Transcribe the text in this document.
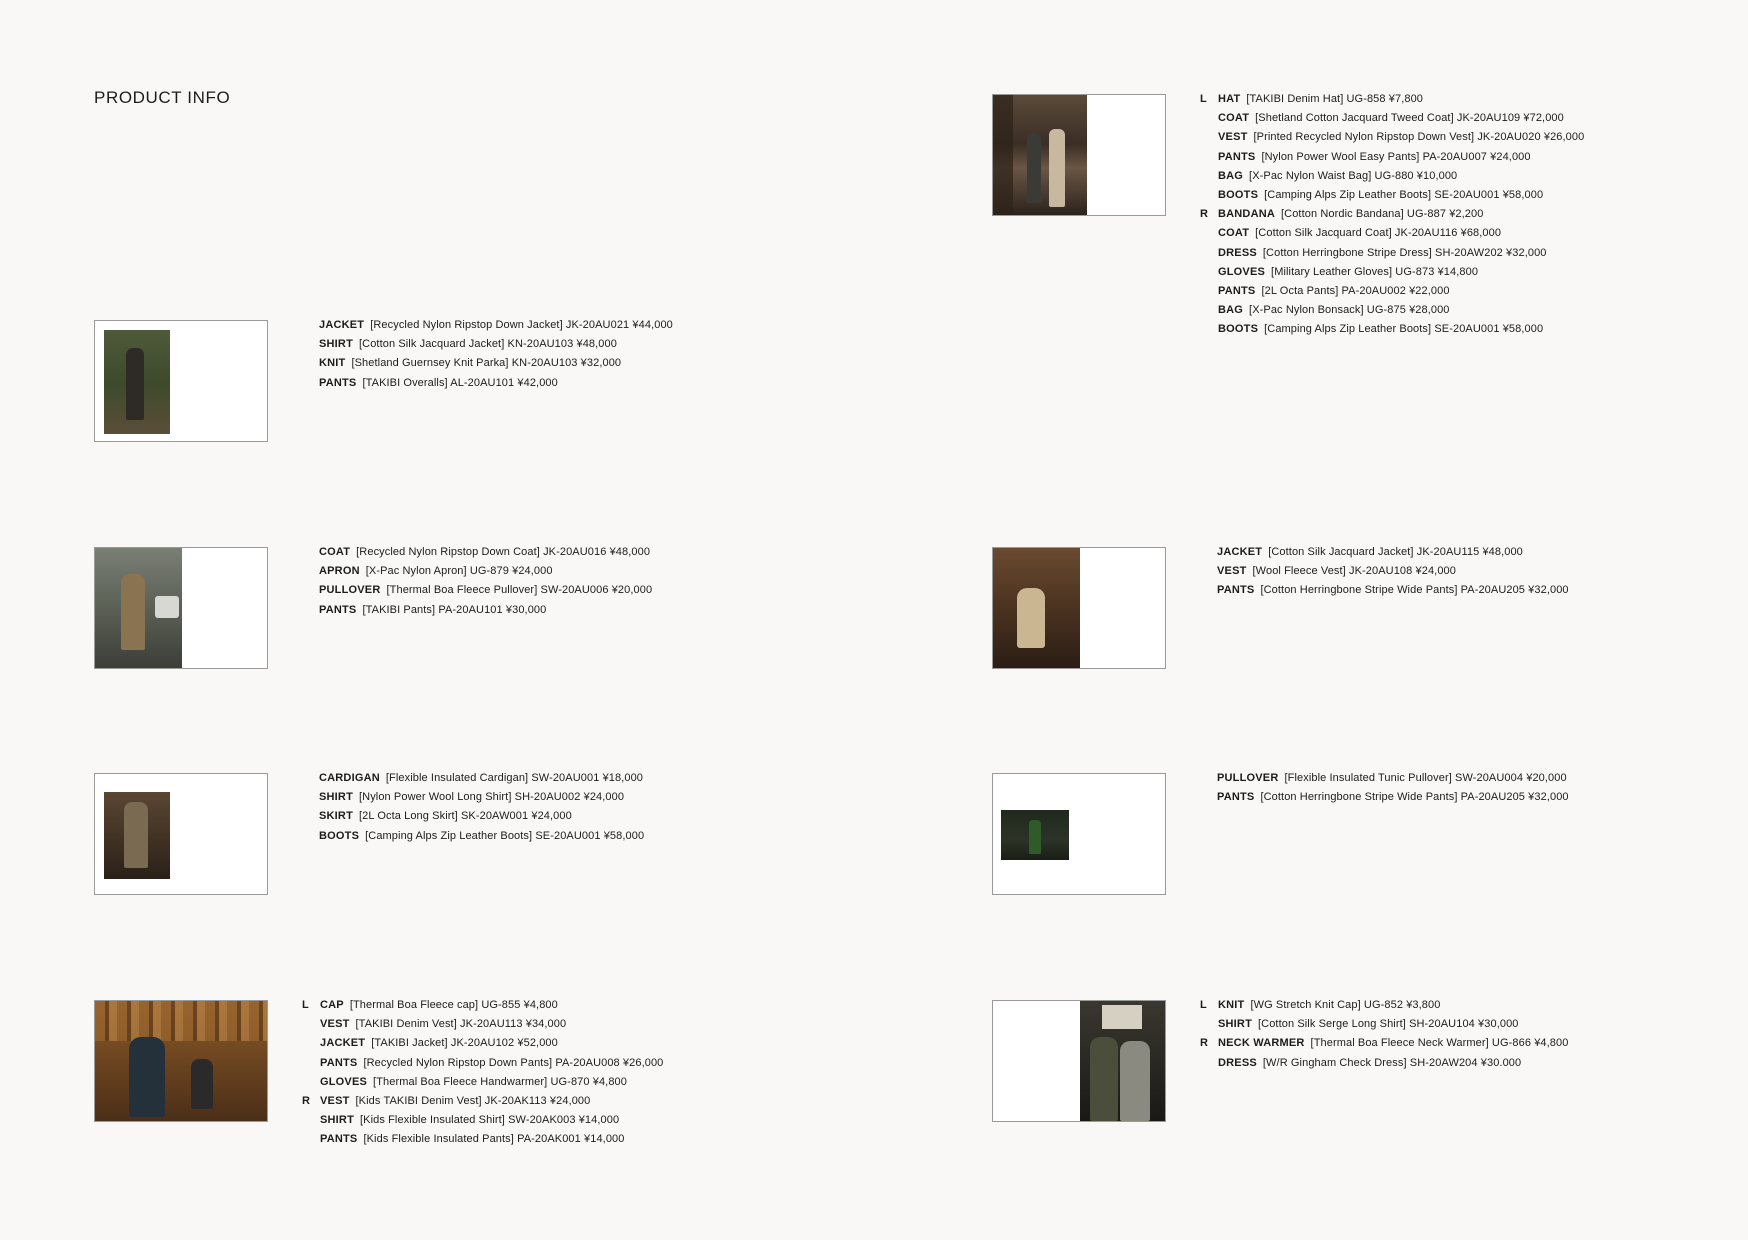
PRODUCT INFO	L	HAT [TAKIBI Denim Hat] UG-858 ¥7,800
COAT [Shetland Cotton Jacquard Tweed Coat] JK-20AU109 ¥72,000
VEST [Printed Recycled Nylon Ripstop Down Vest] JK-20AU020 ¥26,000
PANTS [Nylon Power Wool Easy Pants] PA-20AU007 ¥24,000
BAG [X-Pac Nylon Waist Bag] UG-880 ¥10,000
BOOTS [Camping Alps Zip Leather Boots] SE-20AU001 ¥58,000
R BANDANA [Cotton Nordic Bandana] UG-887 ¥2,200
COAT [Cotton Silk Jacquard Coat] JK-20AU116 ¥68,000
DRESS [Cotton Herringbone Stripe Dress] SH-20AW202 ¥32,000
GLOVES [Military Leather Gloves] UG-873 ¥14,800
PANTS [2L Octa Pants] PA-20AU002 ¥22,000
BAG [X-Pac Nylon Bonsack] UG-875 ¥28,000
BOOTS [Camping Alps Zip Leather Boots] SE-20AU001 ¥58,000
JACKET [Recycled Nylon Ripstop Down Jacket] JK-20AU021 ¥44,000
SHIRT [Cotton Silk Jacquard Jacket] KN-20AU103 ¥48,000
KNIT [Shetland Guernsey Knit Parka] KN-20AU103 ¥32,000
PANTS [TAKIBI Overalls] AL-20AU101 ¥42,000
COAT [Recycled Nylon Ripstop Down Coat] JK-20AU016 ¥48,000
APRON [X-Pac Nylon Apron] UG-879 ¥24,000
PULLOVER [Thermal Boa Fleece Pullover] SW-20AU006 ¥20,000
PANTS [TAKIBI Pants] PA-20AU101 ¥30,000
JACKET [Cotton Silk Jacquard Jacket] JK-20AU115 ¥48,000
VEST [Wool Fleece Vest] JK-20AU108 ¥24,000
PANTS [Cotton Herringbone Stripe Wide Pants] PA-20AU205 ¥32,000
CARDIGAN [Flexible Insulated Cardigan] SW-20AU001 ¥18,000
SHIRT [Nylon Power Wool Long Shirt] SH-20AU002 ¥24,000
SKIRT [2L Octa Long Skirt] SK-20AW001 ¥24,000
BOOTS [Camping Alps Zip Leather Boots] SE-20AU001 ¥58,000
PULLOVER [Flexible Insulated Tunic Pullover] SW-20AU004 ¥20,000
PANTS [Cotton Herringbone Stripe Wide Pants] PA-20AU205 ¥32,000
L	CAP [Thermal Boa Fleece cap] UG-855 ¥4,800
VEST [TAKIBI Denim Vest] JK-20AU113 ¥34,000
JACKET [TAKIBI Jacket] JK-20AU102 ¥52,000
PANTS [Recycled Nylon Ripstop Down Pants] PA-20AU008 ¥26,000
GLOVES [Thermal Boa Fleece Handwarmer] UG-870 ¥4,800
R VEST [Kids TAKIBI Denim Vest] JK-20AK113 ¥24,000
SHIRT [Kids Flexible Insulated Shirt] SW-20AK003 ¥14,000
PANTS [Kids Flexible Insulated Pants] PA-20AK001 ¥14,000
L	KNIT [WG Stretch Knit Cap] UG-852 ¥3,800
SHIRT [Cotton Silk Serge Long Shirt] SH-20AU104 ¥30,000
R NECK WARMER [Thermal Boa Fleece Neck Warmer] UG-866 ¥4,800
DRESS [W/R Gingham Check Dress] SH-20AW204 ¥30.000
